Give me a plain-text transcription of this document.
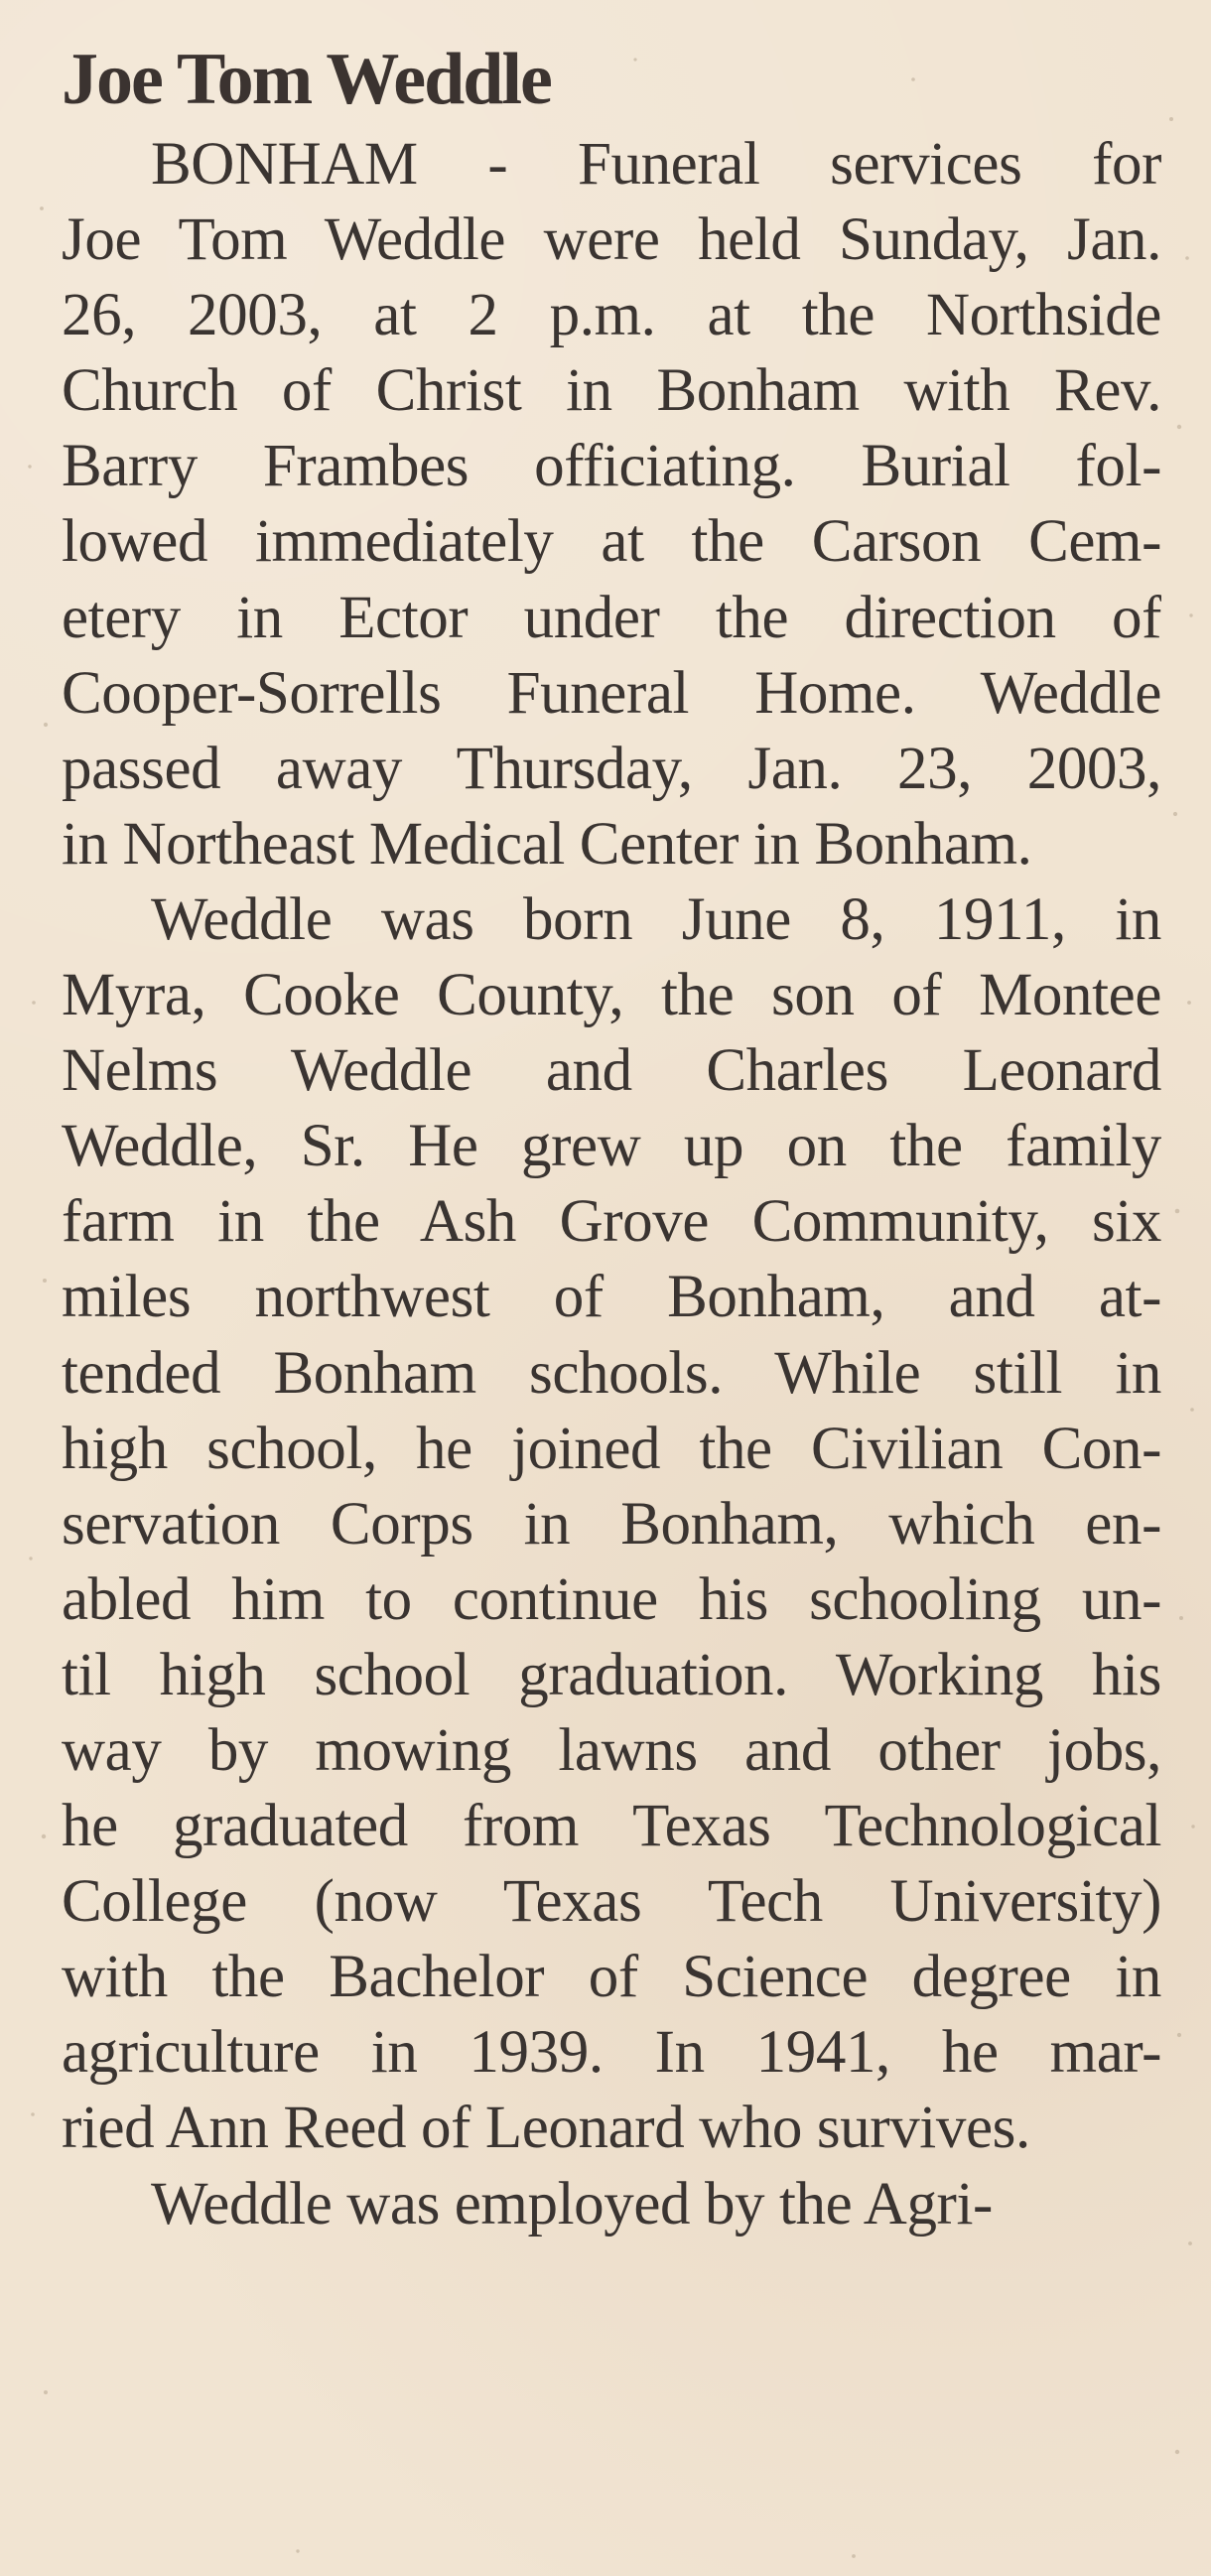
Joe Tom Weddle

BONHAM - Funeral services for
Joe Tom Weddle were held Sunday, Jan.
26, 2003, at 2 p.m. at the Northside
Church of Christ in Bonham with Rev.
Barry Frambes officiating. Burial fol-
lowed immediately at the Carson Cem-
etery in Ector under the direction of
Cooper-Sorrells Funeral Home. Weddle
passed away Thursday, Jan. 23, 2003,
in Northeast Medical Center in Bonham.

Weddle was born June 8, 1911, in
Myra, Cooke County, the son of Montee
Nelms Weddle and Charles Leonard
Weddle, Sr. He grew up on the family
farm in the Ash Grove Community, six
miles northwest of Bonham, and at-
tended Bonham schools. While still in
high school, he joined the Civilian Con-
servation Corps in Bonham, which en-
abled him to continue his schooling un-
til high school graduation. Working his
way by mowing lawns and other jobs,
he graduated from Texas Technological
College (now Texas Tech University)
with the Bachelor of Science degree in
agriculture in 1939. In 1941, he mar-
ried Ann Reed of Leonard who survives.

Weddle was employed by the Agri-
